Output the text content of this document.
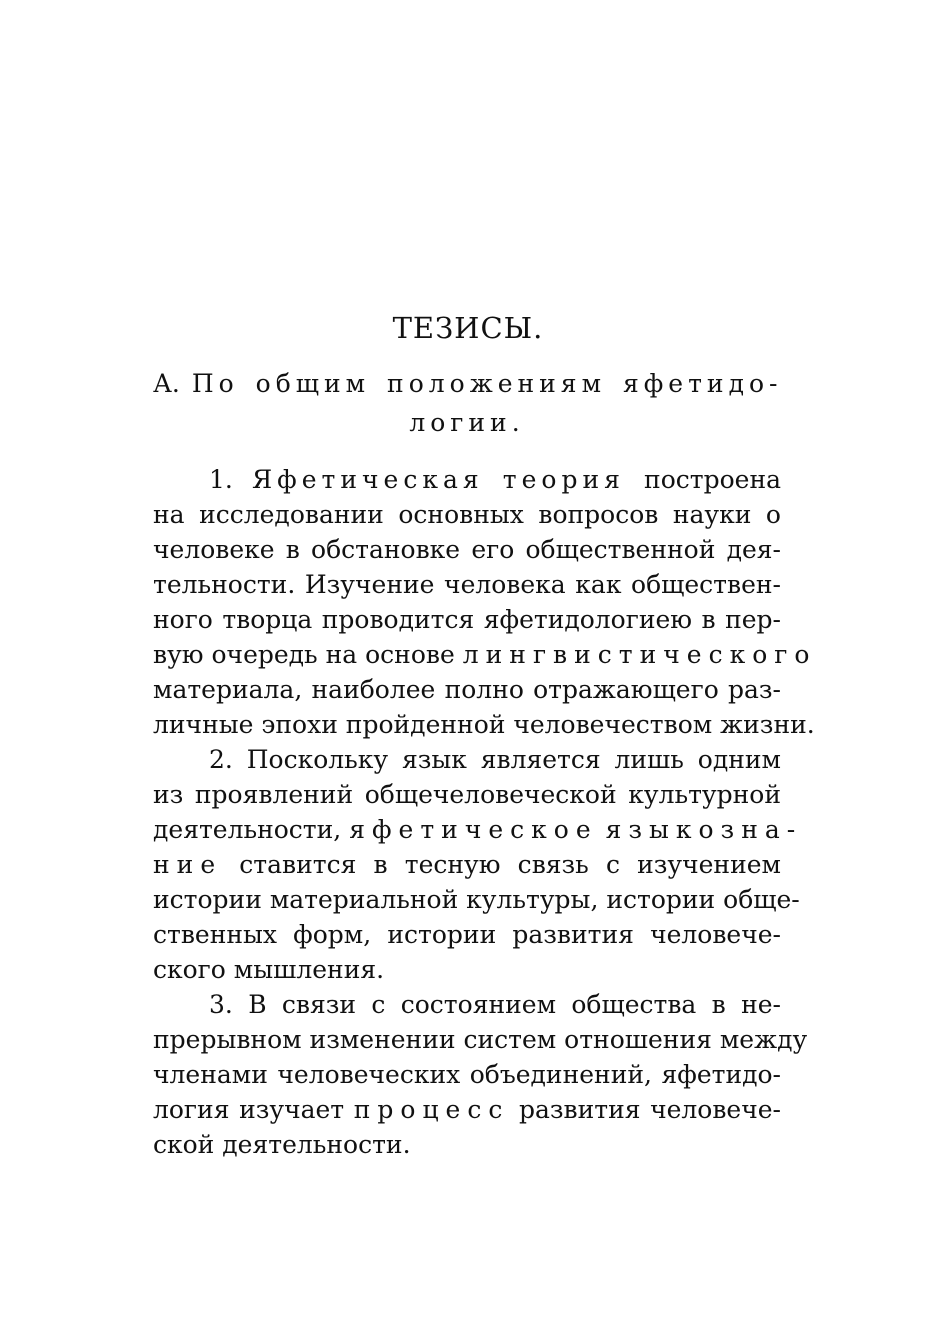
ТЕЗИСЫ.
А. По общим положениям яфетидо-
логии.
1. Яфетическая теория построена
на исследовании основных вопросов науки о
человеке в обстановке его общественной дея-
тельности. Изучение человека как обществен-
ного творца проводится яфетидологиею в пер-
вую очередь на основе лингвистического
материала, наиболее полно отражающего раз-
личные эпохи пройденной человечеством жизни.
2. Поскольку язык является лишь одним
из проявлений общечеловеческой культурной
деятельности, яфетическое языкозна-
ние ставится в тесную связь с изучением
истории материальной культуры, истории обще-
ственных форм, истории развития человече-
ского мышления.
3. В связи с состоянием общества в не-
прерывном изменении систем отношения между
членами человеческих объединений, яфетидо-
логия изучает процесс развития человече-
ской деятельности.
